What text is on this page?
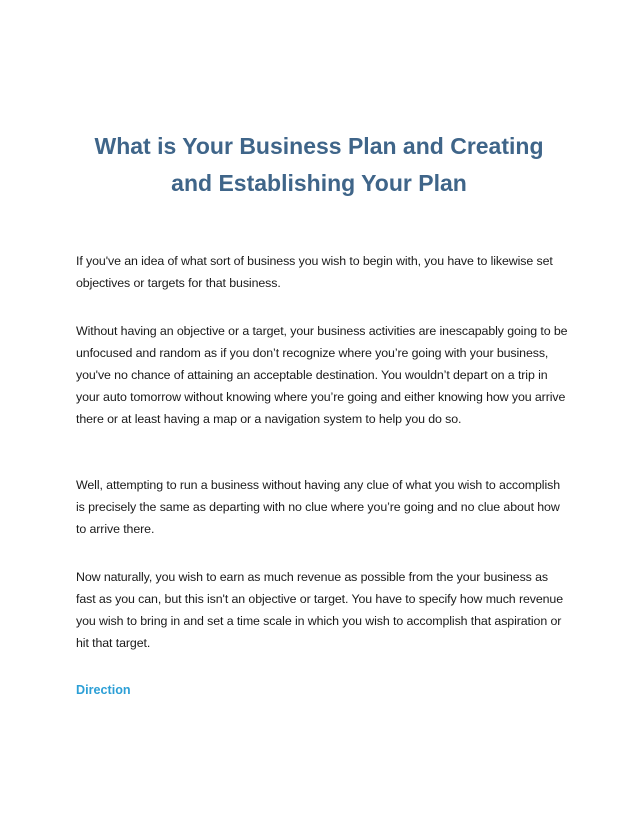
What is Your Business Plan and Creating
and Establishing Your Plan

If you've an idea of what sort of business you wish to begin with, you have to likewise set objectives or targets for that business.

Without having an objective or a target, your business activities are inescapably going to be unfocused and random as if you don’t recognize where you’re going with your business, you've no chance of attaining an acceptable destination. You wouldn’t depart on a trip in your auto tomorrow without knowing where you’re going and either knowing how you arrive there or at least having a map or a navigation system to help you do so.

Well, attempting to run a business without having any clue of what you wish to accomplish is precisely the same as departing with no clue where you’re going and no clue about how to arrive there.

Now naturally, you wish to earn as much revenue as possible from the your business as fast as you can, but this isn't an objective or target. You have to specify how much revenue you wish to bring in and set a time scale in which you wish to accomplish that aspiration or hit that target.

Direction
